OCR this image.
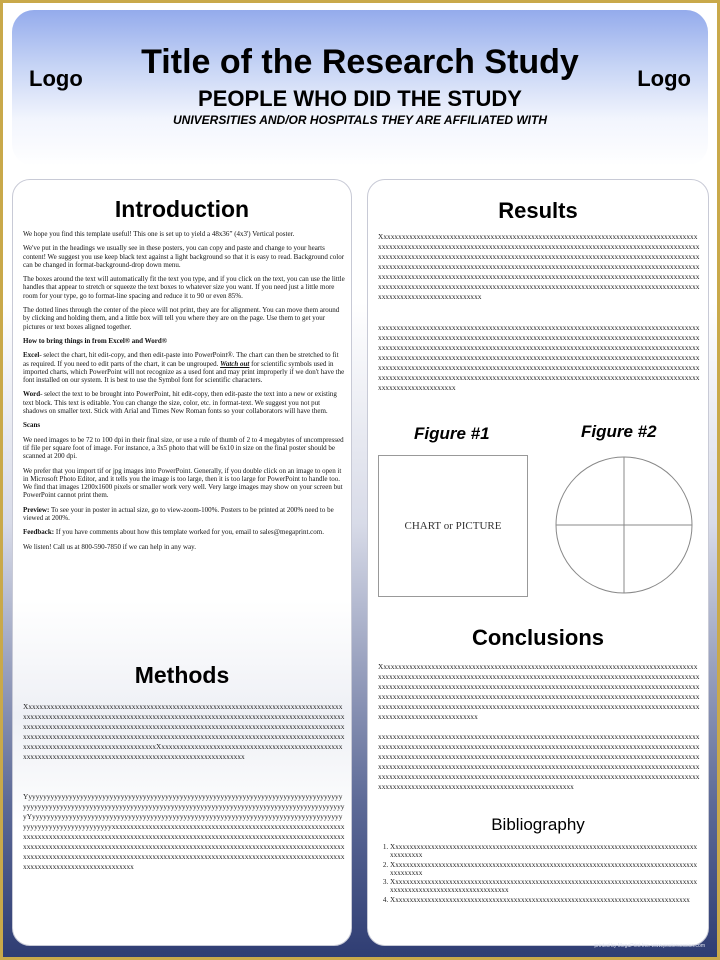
Logo	Logo
Title of the Research Study
PEOPLE WHO DID THE STUDY
UNIVERSITIES AND/OR HOSPITALS THEY ARE AFFILIATED WITH
Introduction

We hope you find this template useful! This one is set up to yield a 48x36” (4x3') Vertical poster.

We've put in the headings we usually see in these posters, you can copy and paste and change to your hearts content! We suggest you use keep black text against a light background so that it is easy to read. Background color can be changed in format-background-drop down menu.

The boxes around the text will automatically fit the text you type, and if you click on the text, you can use the little handles that appear to stretch or squeeze the text boxes to whatever size you want. If you need just a little more room for your type, go to format-line spacing and reduce it to 90 or even 85%.

The dotted lines through the center of the piece will not print, they are for alignment. You can move them around by clicking and holding them, and a little box will tell you where they are on the page. Use them to get your pictures or text boxes aligned together.

How to bring things in from Excel® and Word®

Excel- select the chart, hit edit-copy, and then edit-paste into PowerPoint®. The chart can then be stretched to fit as required. If you need to edit parts of the chart, it can be ungrouped. Watch out for scientific symbols used in imported charts, which PowerPoint will not recognize as a used font and may print improperly if we don't have the font installed on our system. It is best to use the Symbol font for scientific characters.

Word- select the text to be brought into PowerPoint, hit edit-copy, then edit-paste the text into a new or existing text block. This text is editable. You can change the size, color, etc. in format-text. We suggest you not put shadows on smaller text. Stick with Arial and Times New Roman fonts so your collaborators will have them.

Scans

We need images to be 72 to 100 dpi in their final size, or use a rule of thumb of 2 to 4 megabytes of uncompressed tif file per square foot of image. For instance, a 3x5 photo that will be 6x10 in size on the final poster should be scanned at 200 dpi.

We prefer that you import tif or jpg images into PowerPoint. Generally, if you double click on an image to open it in Microsoft Photo Editor, and it tells you the image is too large, then it is too large for PowerPoint to handle too. We find that images 1200x1600 pixels or smaller work very well. Very large images may show on your screen but PowerPoint cannot print them.

Preview: To see your in poster in actual size, go to view-zoom-100%. Posters to be printed at 200% need to be viewed at 200%.

Feedback: If you have comments about how this template worked for you, email to sales@megaprint.com.

We listen! Call us at 800-590-7850 if we can help in any way.

Methods
XxxxxxxxxxxxxxxxxxxxxxxxxxxxxxxxxxxxxxxxxxxxxxxxxxxxxxxxxxxxxxxxxxxxxxxxxxxxxxxxxxxxxxxxxxxxxxxxxxxxxxxxxxxxxxxxxxxxxxxxxxxxxxxxxxxxxxxxxxxxxxxxxxxxxxxxxxxxxxxxxxxxxxxxxxxxxxxxxxxxxxxxxxxxxxxxxxxxxxxxxxxxxxxxxxxxxxxxxxxxxxxxxxxxxxxxxxxxxxxxxxxxxxxxxxxxxxxxxxxxxxxxxxxxxxxxxxxxxxxxxxxxxxxxxxxxxxxxxxxxxxxxxxxxxxxxxxxxxxxxxxxxxxxxxxxxxxxxxxxxxxxxxxxxxxxxxxxxxxxxxxxxxxxxxxxxxxxxxxxxxxxXxxxxxxxxxxxxxxxxxxxxxxxxxxxxxxxxxxxxxxxxxxxxxxxxxxxxxxxxxxxxxxxxxxxxxxxxxxxxxxxxxxxxxxxxxxxxxxxxxxxxxxxxxxxxx
YyyyyyyyyyyyyyyyyyyyyyyyyyyyyyyyyyyyyyyyyyyyyyyyyyyyyyyyyyyyyyyyyyyyyyyyyyyyyyyyyyyyyyyyyyyyyyyyyyyyyyyyyyyyyyyyyyyyyyyyyyyyyyyyyyyyyyyyyyyyyyyyyyyyyyyyyyyyyyyyyyyyyyyyyyyyyyYyyyyyyyyyyyyyyyyyyyyyyyyyyyyyyyyyyyyyyyyyyyyyyyyyyyyyyyyyyyyyyyyyyyyyyyyyyyyyyyyyyyyyyyyyyyyyyyyyyyyyyyyyyyyxxxxxxxxxxxxxxxxxxxxxxxxxxxxxxxxxxxxxxxxxxxxxxxxxxxxxxxxxxxxxxxxxxxxxxxxxxxxxxxxxxxxxxxxxxxxxxxxxxxxxxxxxxxxxxxxxxxxxxxxxxxxxxxxxxxxxxxxxxxxxxxxxxxxxxxxxxxxxxxxxxxxxxxxxxxxxxxxxxxxxxxxxxxxxxxxxxxxxxxxxxxxxxxxxxxxxxxxxxxxxxxxxxxxxxxxxxxxxxxxxxxxxxxxxxxxxxxxxxxxxxxxxxxxxxxxxxxxxxxxxxxxxxxxxxxxxxxxxxxxxxxxxxxxxxxxxxxxxxxxxxxxxxxxxxxxxxxxxxxxxxxxxxxxxxxxxx
Results
Xxxxxxxxxxxxxxxxxxxxxxxxxxxxxxxxxxxxxxxxxxxxxxxxxxxxxxxxxxxxxxxxxxxxxxxxxxxxxxxxxxxxxxxxxxxxxxxxxxxxxxxxxxxxxxxxxxxxxxxxxxxxxxxxxxxxxxxxxxxxxxxxxxxxxxxxxxxxxxxxxxxxxxxxxxxxxxxxxxxxxxxxxxxxxxxxxxxxxxxxxxxxxxxxxxxxxxxxxxxxxxxxxxxxxxxxxxxxxxxxxxxxxxxxxxxxxxxxxxxxxxxxxxxxxxxxxxxxxxxxxxxxxxxxxxxxxxxxxxxxxxxxxxxxxxxxxxxxxxxxxxxxxxxxxxxxxxxxxxxxxxxxxxxxxxxxxxxxxxxxxxxxxxxxxxxxxxxxxxxxxxxxxxxxxxxxxxxxxxxxxxxxxxxxxxxxxxxxxxxxxxxxxxxxxxxxxxxxxxxxxxxxxxxxxxxxxxxxxxxxxxxxxxxxxxxxxxxxxxxxxxxxxxxxxxxxxxxxxxxxxxxxxxxxxxxxxxxxxxxxxxxxxxxxxxxxxxxxxxxxxxxxxxxxx
xxxxxxxxxxxxxxxxxxxxxxxxxxxxxxxxxxxxxxxxxxxxxxxxxxxxxxxxxxxxxxxxxxxxxxxxxxxxxxxxxxxxxxxxxxxxxxxxxxxxxxxxxxxxxxxxxxxxxxxxxxxxxxxxxxxxxxxxxxxxxxxxxxxxxxxxxxxxxxxxxxxxxxxxxxxxxxxxxxxxxxxxxxxxxxxxxxxxxxxxxxxxxxxxxxxxxxxxxxxxxxxxxxxxxxxxxxxxxxxxxxxxxxxxxxxxxxxxxxxxxxxxxxxxxxxxxxxxxxxxxxxxxxxxxxxxxxxxxxxxxxxxxxxxxxxxxxxxxxxxxxxxxxxxxxxxxxxxxxxxxxxxxxxxxxxxxxxxxxxxxxxxxxxxxxxxxxxxxxxxxxxxxxxxxxxxxxxxxxxxxxxxxxxxxxxxxxxxxxxxxxxxxxxxxxxxxxxxxxxxxxxxxxxxxxxxxxxxxxxxxxxxxxxxxxxxxxxxxxxxxxxxxxxxxxxxxxxxxxxxxxxxxxxxxxxxxxxxxxxxxxxxxxxxxxxxxxxxxxxxxxx
Figure #1	Figure #2
CHART or PICTURE
Conclusions
Xxxxxxxxxxxxxxxxxxxxxxxxxxxxxxxxxxxxxxxxxxxxxxxxxxxxxxxxxxxxxxxxxxxxxxxxxxxxxxxxxxxxxxxxxxxxxxxxxxxxxxxxxxxxxxxxxxxxxxxxxxxxxxxxxxxxxxxxxxxxxxxxxxxxxxxxxxxxxxxxxxxxxxxxxxxxxxxxxxxxxxxxxxxxxxxxxxxxxxxxxxxxxxxxxxxxxxxxxxxxxxxxxxxxxxxxxxxxxxxxxxxxxxxxxxxxxxxxxxxxxxxxxxxxxxxxxxxxxxxxxxxxxxxxxxxxxxxxxxxxxxxxxxxxxxxxxxxxxxxxxxxxxxxxxxxxxxxxxxxxxxxxxxxxxxxxxxxxxxxxxxxxxxxxxxxxxxxxxxxxxxxxxxxxxxxxxxxxxxxxxxxxxxxxxxxxxxxxxxxxxxxxxxxxxxxxxxxxxxxxxxxxxxxxxxxxxxxxxxxxx
xxxxxxxxxxxxxxxxxxxxxxxxxxxxxxxxxxxxxxxxxxxxxxxxxxxxxxxxxxxxxxxxxxxxxxxxxxxxxxxxxxxxxxxxxxxxxxxxxxxxxxxxxxxxxxxxxxxxxxxxxxxxxxxxxxxxxxxxxxxxxxxxxxxxxxxxxxxxxxxxxxxxxxxxxxxxxxxxxxxxxxxxxxxxxxxxxxxxxxxxxxxxxxxxxxxxxxxxxxxxxxxxxxxxxxxxxxxxxxxxxxxxxxxxxxxxxxxxxxxxxxxxxxxxxxxxxxxxxxxxxxxxxxxxxxxxxxxxxxxxxxxxxxxxxxxxxxxxxxxxxxxxxxxxxxxxxxxxxxxxxxxxxxxxxxxxxxxxxxxxxxxxxxxxxxxxxxxxxxxxxxxxxxxxxxxxxxxxxxxxxxxxxxxxxxxxxxxxxxxxxxxxxxxxxxxxxxxxxxxxxxxxxxxxxxxxxxxxxxxxxxxxxxxxxxxxxxxxxxxxxxxxxxxx
Bibliography
1. Xxxxxxxxxxxxxxxxxxxxxxxxxxxxxxxxxxxxxxxxxxxxxxxxxxxxxxxxxxxxxxxxxxxxxxxxxxxxxxxxxxxxxxxxxxxxxx
2. Xxxxxxxxxxxxxxxxxxxxxxxxxxxxxxxxxxxxxxxxxxxxxxxxxxxxxxxxxxxxxxxxxxxxxxxxxxxxxxxxxxxxxxxxxxxxxx
3. Xxxxxxxxxxxxxxxxxxxxxxxxxxxxxxxxxxxxxxxxxxxxxxxxxxxxxxxxxxxxxxxxxxxxxxxxxxxxxxxxxxxxxxxxxxxxxxxxxxxxxxxxxxxxxxxxxxxxxx
4. Xxxxxxxxxxxxxxxxxxxxxxxxxxxxxxxxxxxxxxxxxxxxxxxxxxxxxxxxxxxxxxxxxxxxxxxxxxxxxxxxxxx
Free Poster Templates.
printed by MegaPrint Inc. www.postersession.com
